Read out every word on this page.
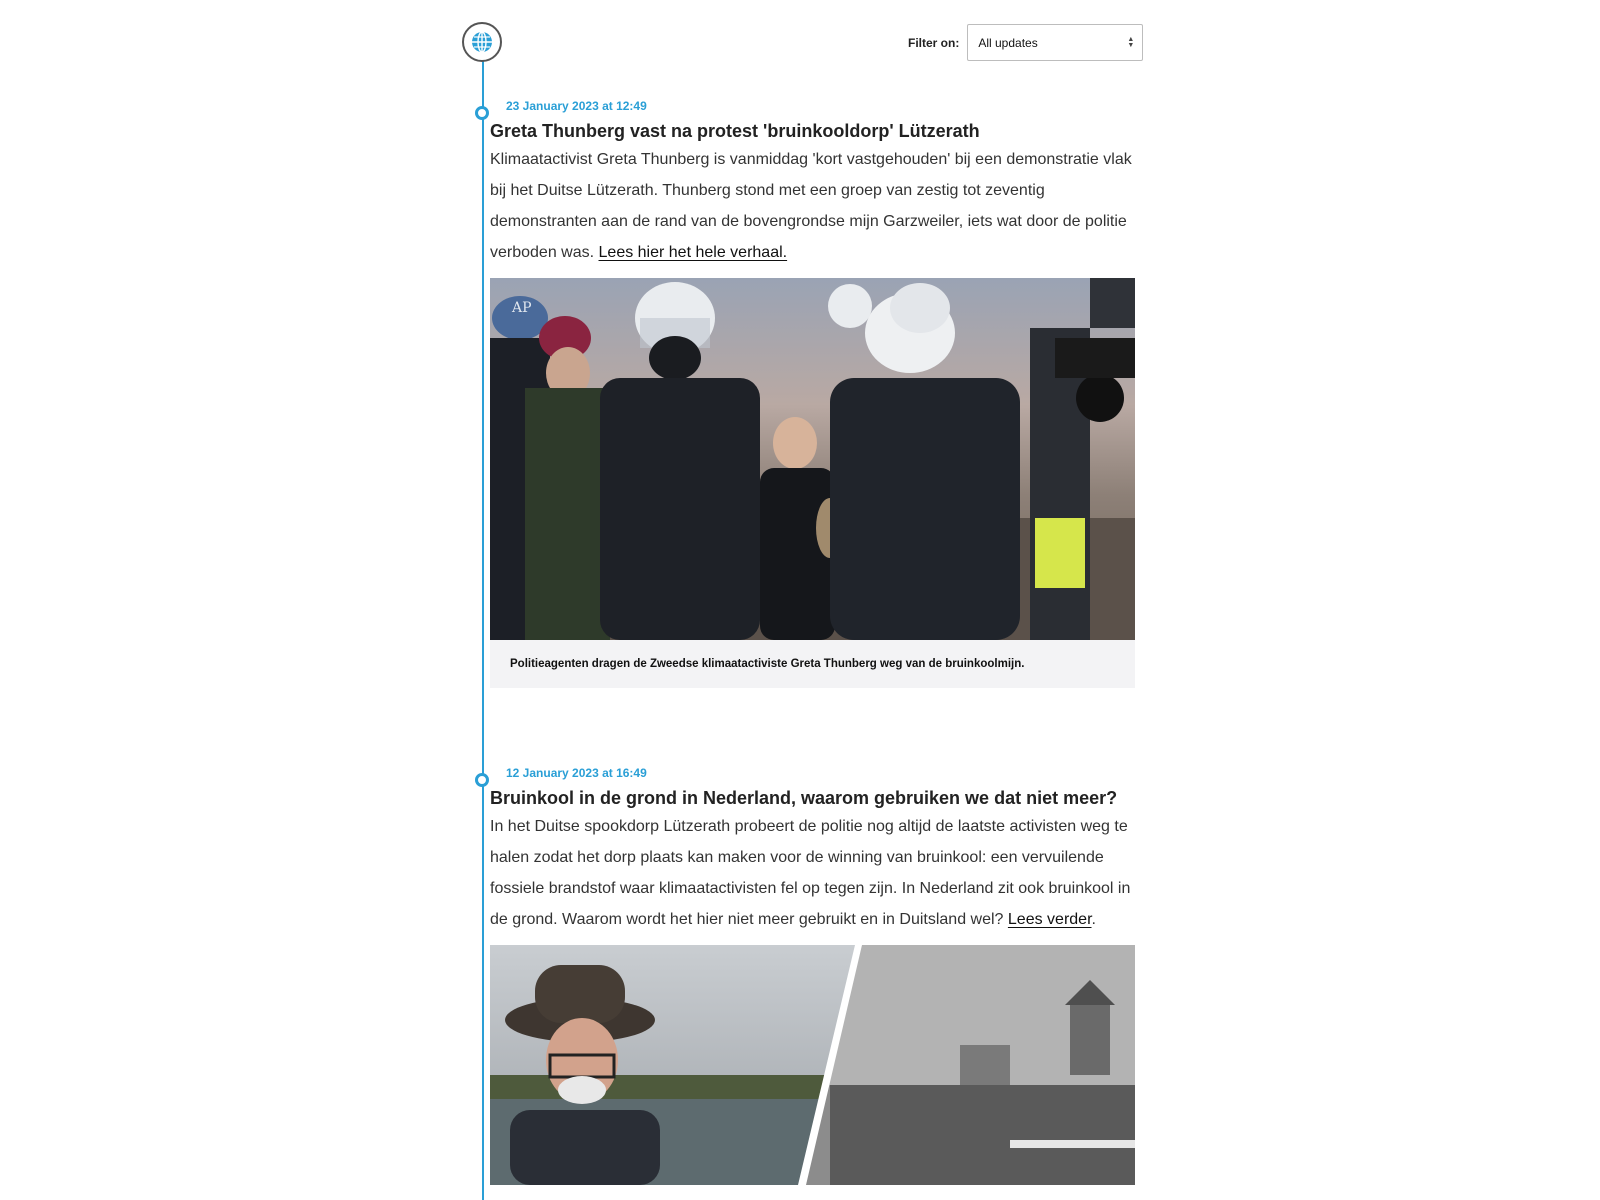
Filter on: All updates	▲
▼
23 January 2023 at 12:49
Greta Thunberg vast na protest 'bruinkooldorp' Lützerath
Klimaatactivist Greta Thunberg is vanmiddag 'kort vastgehouden' bij een demonstratie vlak bij het Duitse Lützerath. Thunberg stond met een groep van zestig tot zeventig demonstranten aan de rand van de bovengrondse mijn Garzweiler, iets wat door de politie verboden was. Lees hier het hele verhaal.
AP
Politieagenten dragen de Zweedse klimaatactiviste Greta Thunberg weg van de bruinkoolmijn.
12 January 2023 at 16:49
Bruinkool in de grond in Nederland, waarom gebruiken we dat niet meer?
In het Duitse spookdorp Lützerath probeert de politie nog altijd de laatste activisten weg te halen zodat het dorp plaats kan maken voor de winning van bruinkool: een vervuilende fossiele brandstof waar klimaatactivisten fel op tegen zijn. In Nederland zit ook bruinkool in de grond. Waarom wordt het hier niet meer gebruikt en in Duitsland wel? Lees verder.
